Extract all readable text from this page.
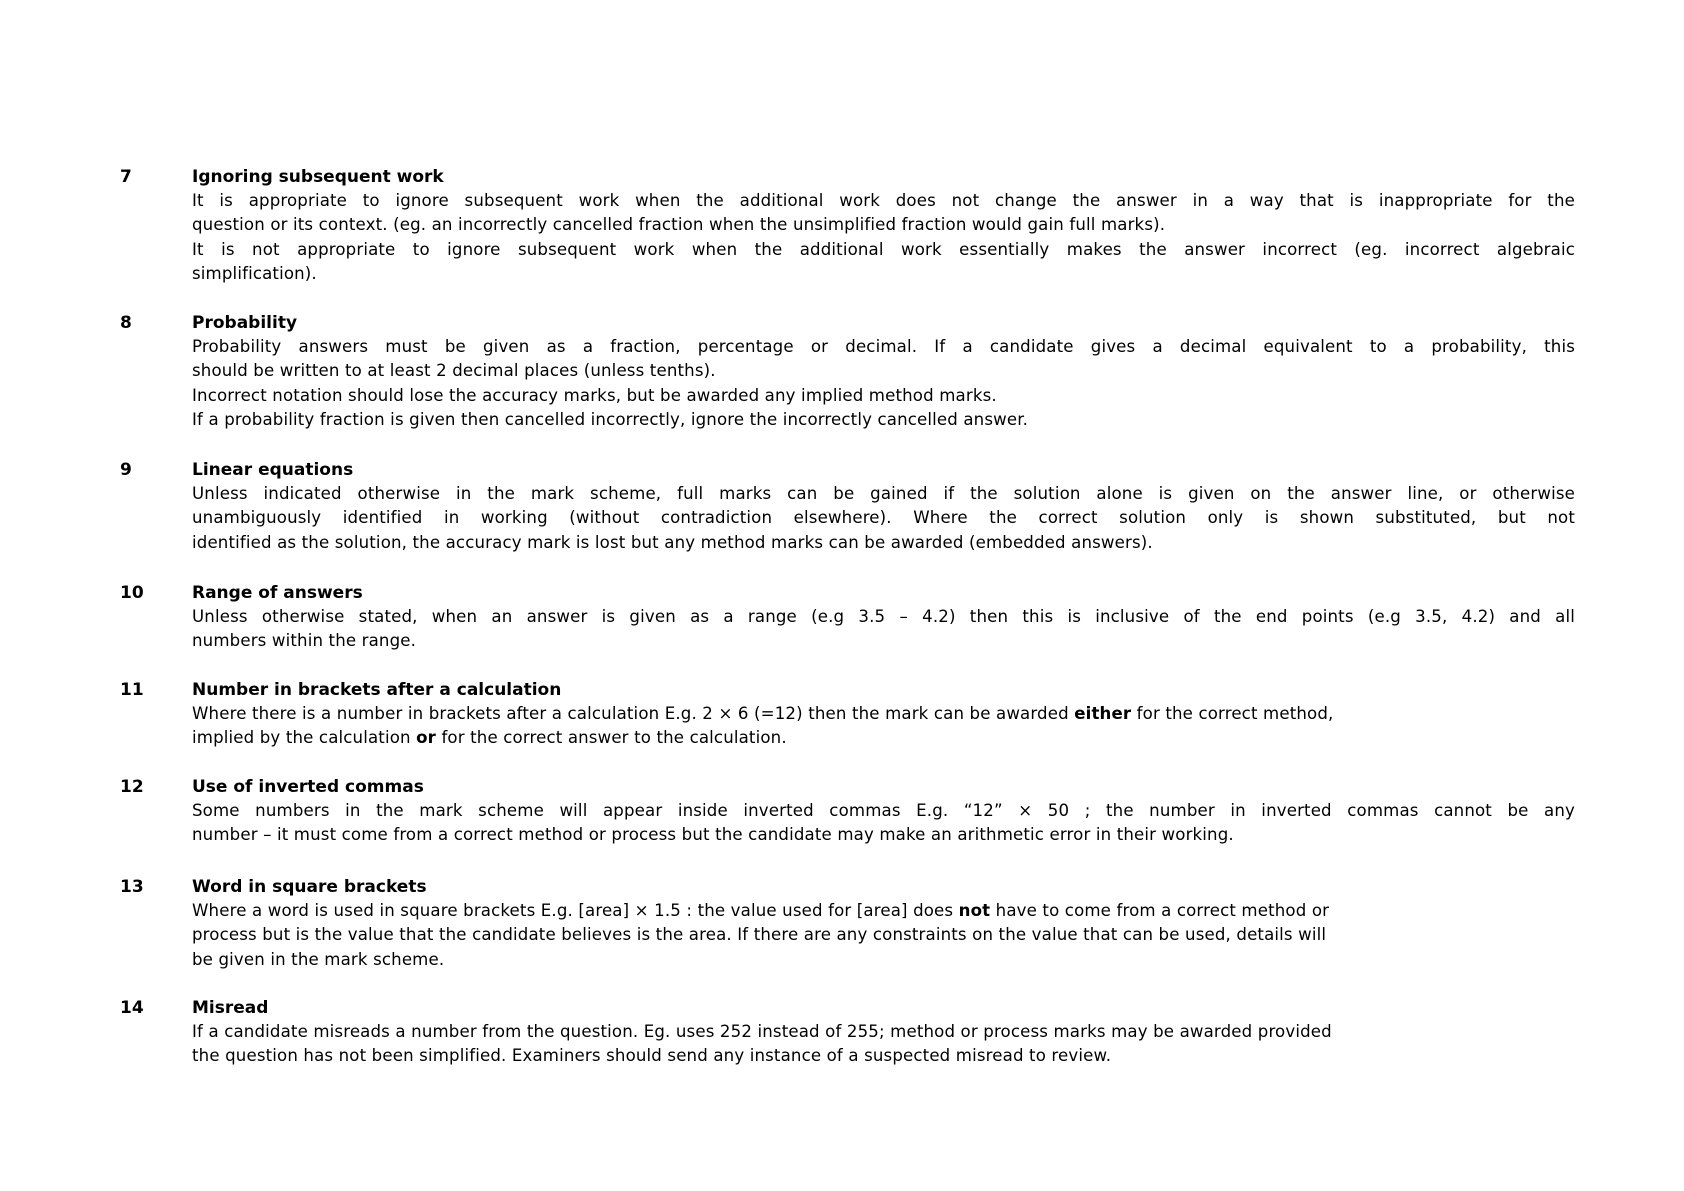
7	Ignoring subsequent work
It is appropriate to ignore subsequent work when the additional work does not change the answer in a way that is inappropriate for the
question or its context. (eg. an incorrectly cancelled fraction when the unsimplified fraction would gain full marks).
It is not appropriate to ignore subsequent work when the additional work essentially makes the answer incorrect (eg. incorrect algebraic
simplification).
8	Probability
Probability answers must be given as a fraction, percentage or decimal. If a candidate gives a decimal equivalent to a probability, this
should be written to at least 2 decimal places (unless tenths).
Incorrect notation should lose the accuracy marks, but be awarded any implied method marks.
If a probability fraction is given then cancelled incorrectly, ignore the incorrectly cancelled answer.
9	Linear equations
Unless indicated otherwise in the mark scheme, full marks can be gained if the solution alone is given on the answer line, or otherwise
unambiguously identified in working (without contradiction elsewhere). Where the correct solution only is shown substituted, but not
identified as the solution, the accuracy mark is lost but any method marks can be awarded (embedded answers).
10	Range of answers
Unless otherwise stated, when an answer is given as a range (e.g 3.5 – 4.2) then this is inclusive of the end points (e.g 3.5, 4.2) and all
numbers within the range.
11	Number in brackets after a calculation
Where there is a number in brackets after a calculation E.g. 2 × 6 (=12) then the mark can be awarded either for the correct method,
implied by the calculation or for the correct answer to the calculation.
12	Use of inverted commas
Some numbers in the mark scheme will appear inside inverted commas E.g. “12” × 50 ; the number in inverted commas cannot be any
number – it must come from a correct method or process but the candidate may make an arithmetic error in their working.
13	Word in square brackets
Where a word is used in square brackets E.g. [area] × 1.5 : the value used for [area] does not have to come from a correct method or
process but is the value that the candidate believes is the area. If there are any constraints on the value that can be used, details will
be given in the mark scheme.
14	Misread
If a candidate misreads a number from the question. Eg. uses 252 instead of 255; method or process marks may be awarded provided
the question has not been simplified. Examiners should send any instance of a suspected misread to review.
